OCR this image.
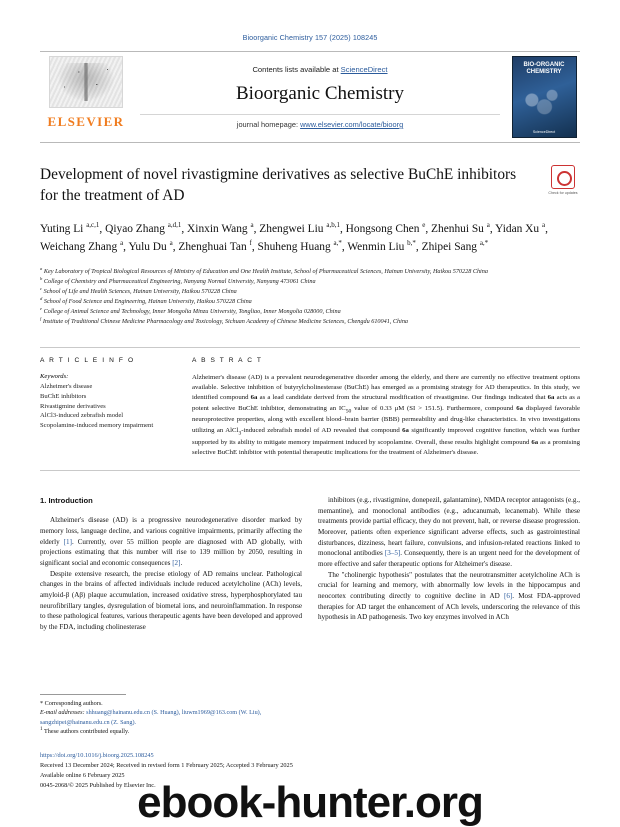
Bioorganic Chemistry 157 (2025) 108245
ELSEVIER
Contents lists available at ScienceDirect
Bioorganic Chemistry
journal homepage: www.elsevier.com/locate/bioorg
BIO-ORGANIC CHEMISTRY
ScienceDirect
Development of novel rivastigmine derivatives as selective BuChE inhibitors for the treatment of AD	Check for updates
Yuting Li $^{a,c,1}$, Qiyao Zhang $^{a,d,1}$, Xinxin Wang $^a$, Zhengwei Liu $^{a,b,1}$, Hongsong Chen $^e$, Zhenhui Su $^a$, Yidan Xu $^a$, Weichang Zhang $^a$, Yulu Du $^a$, Zhenghuai Tan $^f$, Shuheng Huang $^{a,*}$, Wenmin Liu $^{b,*}$, Zhipei Sang $^{a,*}$
$^a$ Key Laboratory of Tropical Biological Resources of Ministry of Education and One Health Institute, School of Pharmaceutical Sciences, Hainan University, Haikou 570228 China
$^b$ College of Chemistry and Pharmaceutical Engineering, Nanyang Normal University, Nanyang 473061 China
$^c$ School of Life and Health Sciences, Hainan University, Haikou 570228 China
$^d$ School of Food Science and Engineering, Hainan University, Haikou 570228 China
$^e$ College of Animal Science and Technology, Inner Mongolia Minzu University, Tongliao, Inner Mongolia 028000, China
$^f$ Institute of Traditional Chinese Medicine Pharmacology and Toxicology, Sichuan Academy of Chinese Medicine Sciences, Chengdu 610041, China
A R T I C L E I N F O
Keywords:
Alzheimer's disease
BuChE inhibitors
Rivastigmine derivatives
AlCl3-induced zebrafish model
Scopolamine-induced memory impairment
A B S T R A C T
Alzheimer's disease (AD) is a prevalent neurodegenerative disorder among the elderly, and there are currently no effective treatment options available. Selective inhibition of butyrylcholinesterase (BuChE) has emerged as a promising strategy for AD therapeutics. In this study, we identified compound 6a as a lead candidate derived from the structural modification of rivastigmine. Our findings indicated that 6a acts as a potent selective BuChE inhibitor, demonstrating an $IC_{50}$ value of 0.33 μM (SI > 151.5). Furthermore, compound 6a displayed favorable neuroprotective properties, along with excellent blood–brain barrier (BBB) permeability and drug-like characteristics. In vivo investigations utilizing an AlCl$_3$-induced zebrafish model of AD revealed that compound 6a significantly improved cognitive function, which was further supported by its ability to mitigate memory impairment induced by scopolamine. Overall, these results highlight compound 6a as a promising selective BuChE inhibitor with potential therapeutic implications for the treatment of Alzheimer's disease.
1. Introduction

Alzheimer's disease (AD) is a progressive neurodegenerative disorder marked by memory loss, language decline, and various cognitive impairments, primarily affecting the elderly [1]. Currently, over 55 million people are diagnosed with AD globally, with projections estimating that this number will rise to 139 million by 2050, resulting in significant social and economic consequences [2].

Despite extensive research, the precise etiology of AD remains unclear. Pathological changes in the brains of affected individuals include reduced acetylcholine (ACh) levels, amyloid-β (Aβ) plaque accumulation, increased oxidative stress, hyperphosphorylated tau neurofibrillary tangles, dysregulation of biometal ions, and neuroinflammation. In response to these pathological features, various therapeutic agents have been developed and approved by the FDA, including cholinesterase

inhibitors (e.g., rivastigmine, donepezil, galantamine), NMDA receptor antagonists (e.g., memantine), and monoclonal antibodies (e.g., aducanumab, lecanemab). While these treatments provide partial efficacy, they do not prevent, halt, or reverse disease progression. Moreover, patients often experience significant adverse effects, such as gastrointestinal disturbances, dizziness, heart failure, convulsions, and infusion-related reactions linked to monoclonal antibodies [3–5]. Consequently, there is an urgent need for the development of more effective and safer therapeutic options for Alzheimer's disease.

The "cholinergic hypothesis" postulates that the neurotransmitter acetylcholine ACh is crucial for learning and memory, with abnormally low levels in the hippocampus and neocortex contributing directly to cognitive decline in AD [6]. Most FDA-approved therapies for AD target the enhancement of ACh levels, underscoring the relevance of this hypothesis in AD pathogenesis. Two key enzymes involved in ACh

* Corresponding authors.
E-mail addresses: shhuang@hainanu.edu.cn (S. Huang), liuwm1969@163.com (W. Liu), sangzhipei@hainanu.edu.cn (Z. Sang).
$^1$ These authors contributed equally.
https://doi.org/10.1016/j.bioorg.2025.108245
Received 13 December 2024; Received in revised form 1 February 2025; Accepted 3 February 2025
Available online 6 February 2025
0045-2068/© 2025 Published by Elsevier Inc.
ebook-hunter.org
